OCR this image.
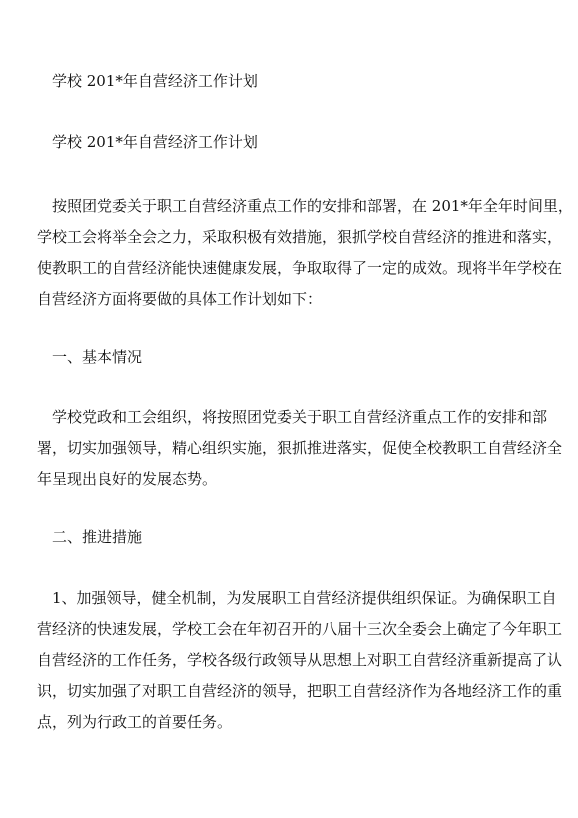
学校 201*年自营经济工作计划
学校 201*年自营经济工作计划
按照团党委关于职工自营经济重点工作的安排和部署，在 201*年全年时间里，
学校工会将举全会之力，采取积极有效措施，狠抓学校自营经济的推进和落实，
使教职工的自营经济能快速健康发展，争取取得了一定的成效。现将半年学校在
自营经济方面将要做的具体工作计划如下：
一、基本情况
学校党政和工会组织，将按照团党委关于职工自营经济重点工作的安排和部
署，切实加强领导，精心组织实施，狠抓推进落实，促使全校教职工自营经济全
年呈现出良好的发展态势。
二、推进措施
1、加强领导，健全机制，为发展职工自营经济提供组织保证。为确保职工自
营经济的快速发展，学校工会在年初召开的八届十三次全委会上确定了今年职工
自营经济的工作任务，学校各级行政领导从思想上对职工自营经济重新提高了认
识，切实加强了对职工自营经济的领导，把职工自营经济作为各地经济工作的重
点，列为行政工的首要任务。
